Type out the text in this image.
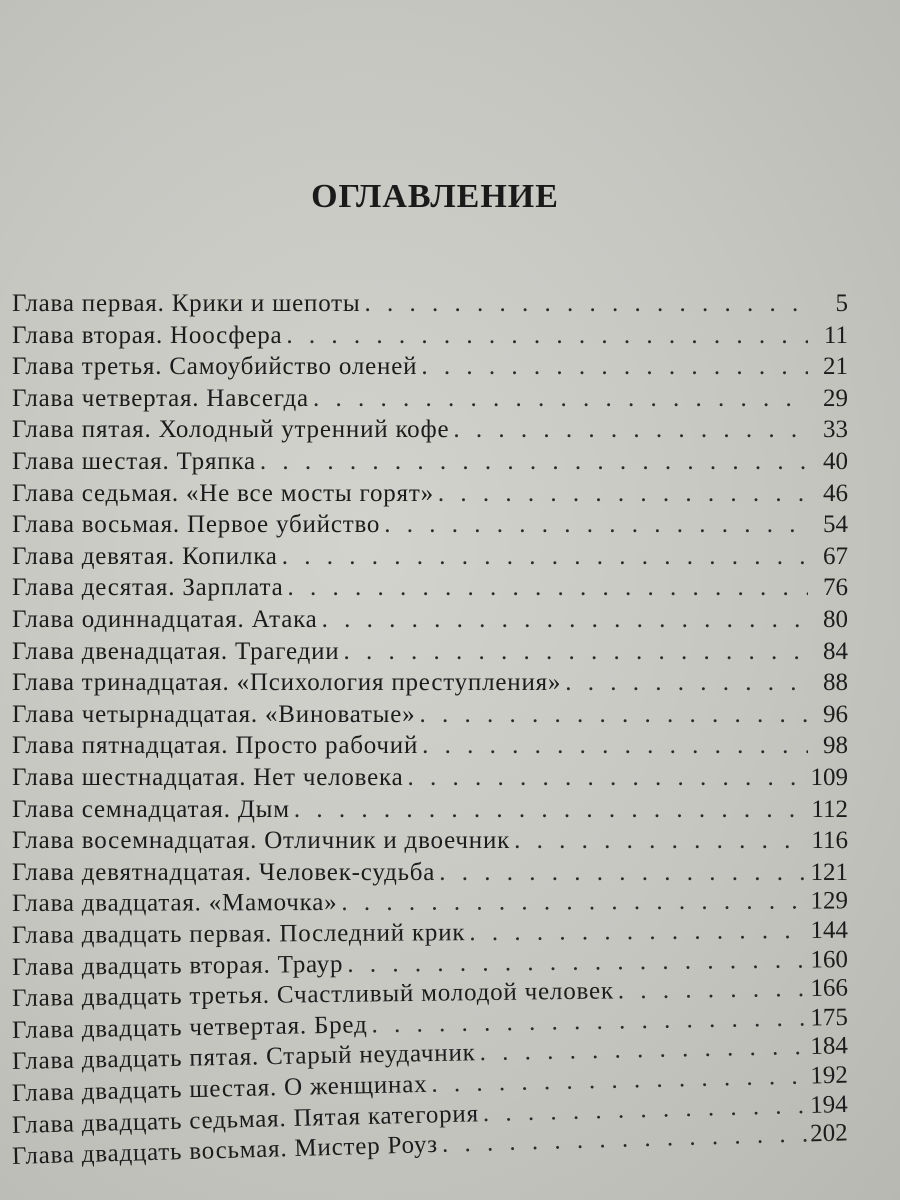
ОГЛАВЛЕНИЕ
Глава первая. Крики и шепоты . . .	5
Глава вторая. Ноосфера . . .	11
Глава третья. Самоубийство оленей . . .	21
Глава четвертая. Навсегда . . .	29
Глава пятая. Холодный утренний кофе . . .	33
Глава шестая. Тряпка . . .	40
Глава седьмая. «Не все мосты горят» . . .	46
Глава восьмая. Первое убийство . . .	54
Глава девятая. Копилка . . .	67
Глава десятая. Зарплата . . .	76
Глава одиннадцатая. Атака . . .	80
Глава двенадцатая. Трагедии . . .	84
Глава тринадцатая. «Психология преступления» . . .	88
Глава четырнадцатая. «Виноватые» . . .	96
Глава пятнадцатая. Просто рабочий . . .	98
Глава шестнадцатая. Нет человека . . .	109
Глава семнадцатая. Дым . . .	112
Глава восемнадцатая. Отличник и двоечник . . .	116
Глава девятнадцатая. Человек-судьба . . .	121
Глава двадцатая. «Мамочка» . . .	129
Глава двадцать первая. Последний крик . . .	144
Глава двадцать вторая. Траур . . .	160
Глава двадцать третья. Счастливый молодой человек . . .	166
Глава двадцать четвертая. Бред . . .	175
Глава двадцать пятая. Старый неудачник . . .	184
Глава двадцать шестая. О женщинах . . .	192
Глава двадцать седьмая. Пятая категория . . .	194
Глава двадцать восьмая. Мистер Роуз . . .	202
